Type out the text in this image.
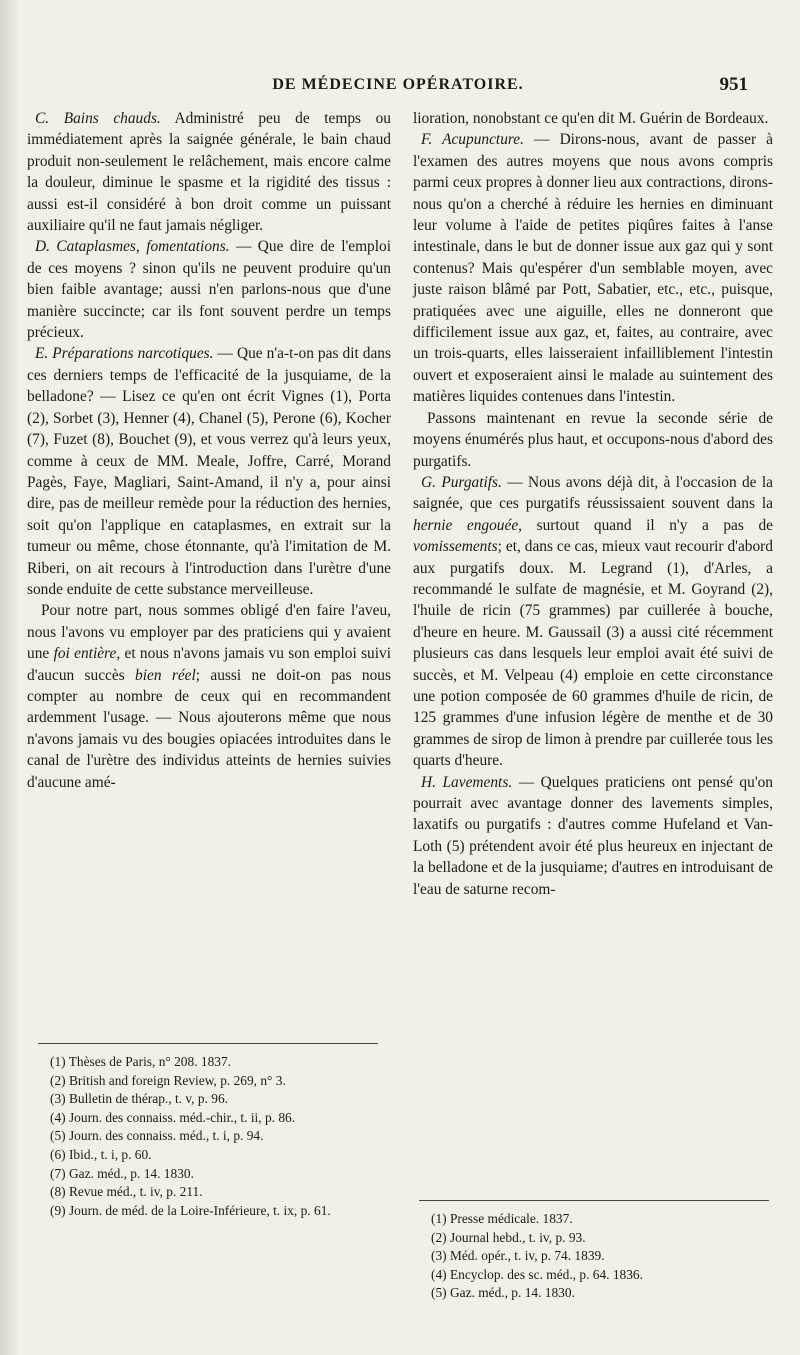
DE MÉDECINE OPÉRATOIRE.	951

C. Bains chauds. Administré peu de temps ou immédiatement après la saignée générale, le bain chaud produit non-seulement le relâchement, mais encore calme la douleur, diminue le spasme et la rigidité des tissus : aussi est-il considéré à bon droit comme un puissant auxiliaire qu'il ne faut jamais négliger.

D. Cataplasmes, fomentations. — Que dire de l'emploi de ces moyens ? sinon qu'ils ne peuvent produire qu'un bien faible avantage; aussi n'en parlons-nous que d'une manière succincte; car ils font souvent perdre un temps précieux.

E. Préparations narcotiques. — Que n'a-t-on pas dit dans ces derniers temps de l'efficacité de la jusquiame, de la belladone? — Lisez ce qu'en ont écrit Vignes (1), Porta (2), Sorbet (3), Henner (4), Chanel (5), Perone (6), Kocher (7), Fuzet (8), Bouchet (9), et vous verrez qu'à leurs yeux, comme à ceux de MM. Meale, Joffre, Carré, Morand Pagès, Faye, Magliari, Saint-Amand, il n'y a, pour ainsi dire, pas de meilleur remède pour la réduction des hernies, soit qu'on l'applique en cataplasmes, en extrait sur la tumeur ou même, chose étonnante, qu'à l'imitation de M. Riberi, on ait recours à l'introduction dans l'urètre d'une sonde enduite de cette substance merveilleuse.

Pour notre part, nous sommes obligé d'en faire l'aveu, nous l'avons vu employer par des praticiens qui y avaient une foi entière, et nous n'avons jamais vu son emploi suivi d'aucun succès bien réel; aussi ne doit-on pas nous compter au nombre de ceux qui en recommandent ardemment l'usage. — Nous ajouterons même que nous n'avons jamais vu des bougies opiacées introduites dans le canal de l'urètre des individus atteints de hernies suivies d'aucune amé-

(1) Thèses de Paris, n° 208. 1837.

(2) British and foreign Review, p. 269, n° 3.

(3) Bulletin de thérap., t. v, p. 96.

(4) Journ. des connaiss. méd.-chir., t. ii, p. 86.

(5) Journ. des connaiss. méd., t. i, p. 94.

(6) Ibid., t. i, p. 60.

(7) Gaz. méd., p. 14. 1830.

(8) Revue méd., t. iv, p. 211.

(9) Journ. de méd. de la Loire-Inférieure, t. ix, p. 61.

lioration, nonobstant ce qu'en dit M. Guérin de Bordeaux.

F. Acupuncture. — Dirons-nous, avant de passer à l'examen des autres moyens que nous avons compris parmi ceux propres à donner lieu aux contractions, dirons-nous qu'on a cherché à réduire les hernies en diminuant leur volume à l'aide de petites piqûres faites à l'anse intestinale, dans le but de donner issue aux gaz qui y sont contenus? Mais qu'espérer d'un semblable moyen, avec juste raison blâmé par Pott, Sabatier, etc., etc., puisque, pratiquées avec une aiguille, elles ne donneront que difficilement issue aux gaz, et, faites, au contraire, avec un trois-quarts, elles laisseraient infailliblement l'intestin ouvert et exposeraient ainsi le malade au suintement des matières liquides contenues dans l'intestin.

Passons maintenant en revue la seconde série de moyens énumérés plus haut, et occupons-nous d'abord des purgatifs.

G. Purgatifs. — Nous avons déjà dit, à l'occasion de la saignée, que ces purgatifs réussissaient souvent dans la hernie engouée, surtout quand il n'y a pas de vomissements; et, dans ce cas, mieux vaut recourir d'abord aux purgatifs doux. M. Legrand (1), d'Arles, a recommandé le sulfate de magnésie, et M. Goyrand (2), l'huile de ricin (75 grammes) par cuillerée à bouche, d'heure en heure. M. Gaussail (3) a aussi cité récemment plusieurs cas dans lesquels leur emploi avait été suivi de succès, et M. Velpeau (4) emploie en cette circonstance une potion composée de 60 grammes d'huile de ricin, de 125 grammes d'une infusion légère de menthe et de 30 grammes de sirop de limon à prendre par cuillerée tous les quarts d'heure.

H. Lavements. — Quelques praticiens ont pensé qu'on pourrait avec avantage donner des lavements simples, laxatifs ou purgatifs : d'autres comme Hufeland et Van-Loth (5) prétendent avoir été plus heureux en injectant de la belladone et de la jusquiame; d'autres en introduisant de l'eau de saturne recom-

(1) Presse médicale. 1837.

(2) Journal hebd., t. iv, p. 93.

(3) Méd. opér., t. iv, p. 74. 1839.

(4) Encyclop. des sc. méd., p. 64. 1836.

(5) Gaz. méd., p. 14. 1830.
